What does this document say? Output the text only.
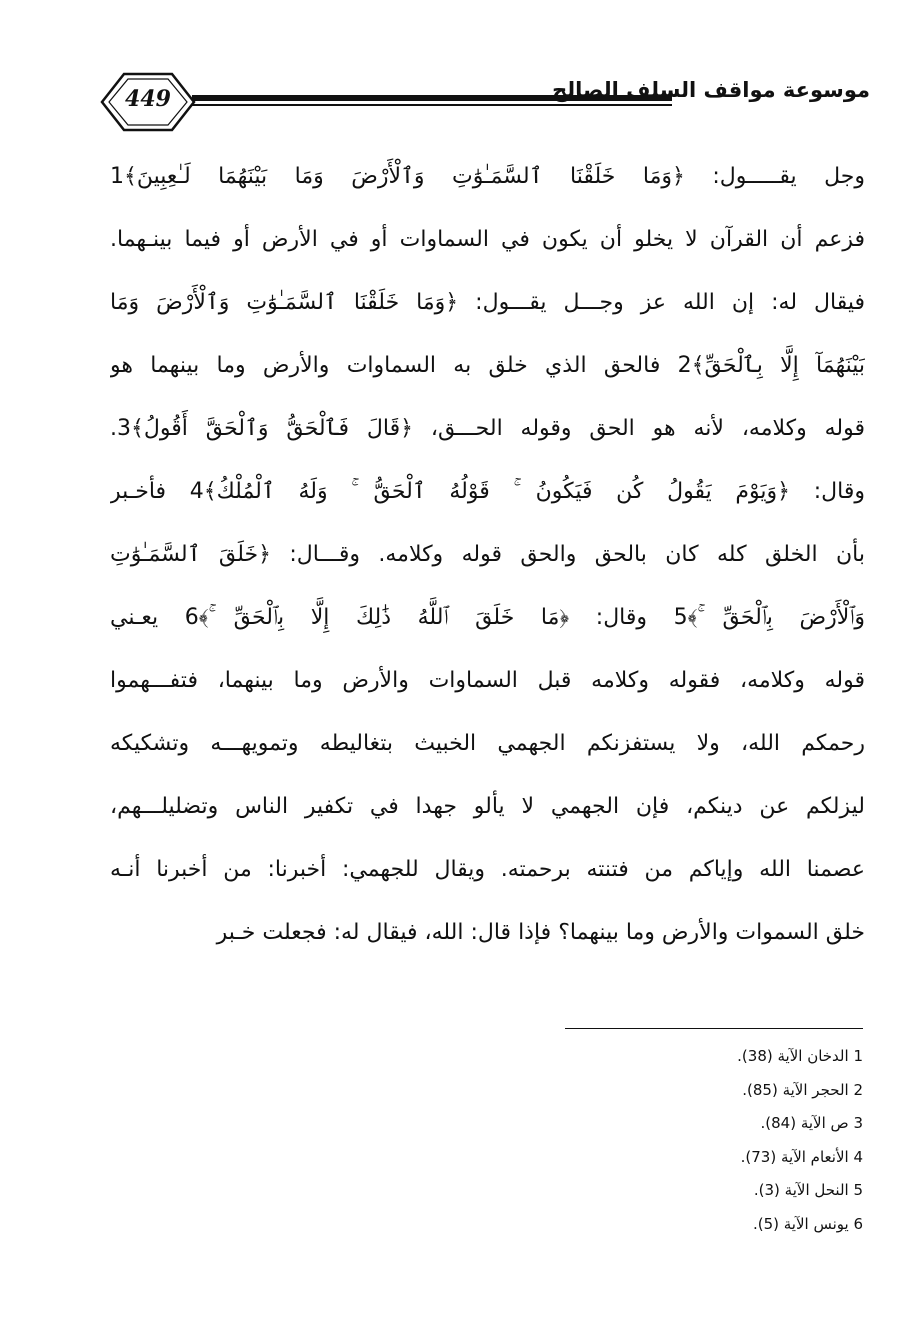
449	موسوعة مواقف السلف الصالح
وجل يقـــــول: ﴿وَمَا خَلَقْنَا ٱلسَّمَـٰوَٰتِ وَٱلْأَرْضَ وَمَا بَيْنَهُمَا لَـٰعِبِينَ﴾1
فزعم أن القرآن لا يخلو أن يكون في السماوات أو في الأرض أو فيما بينـهما.
فيقال له: إن الله عز وجـــل يقـــول: ﴿وَمَا خَلَقْنَا ٱلسَّمَـٰوَٰتِ وَٱلْأَرْضَ وَمَا
بَيْنَهُمَآ إِلَّا بِٱلْحَقِّ﴾2 فالحق الذي خلق به السماوات والأرض وما بينهما هو
قوله وكلامه، لأنه هو الحق وقوله الحـــق، ﴿قَالَ فَٱلْحَقُّ وَٱلْحَقَّ أَقُولُ﴾3.
وقال: ﴿وَيَوْمَ يَقُولُ كُن فَيَكُونُ ۚ قَوْلُهُ ٱلْحَقُّ ۚ وَلَهُ ٱلْمُلْكُ﴾4 فأخـبر
بأن الخلق كله كان بالحق والحق قوله وكلامه. وقـــال: ﴿خَلَقَ ٱلسَّمَـٰوَٰتِ
وَٱلْأَرْضَ بِٱلْحَقِّ ۚ﴾5 وقال: ﴿مَا خَلَقَ ٱللَّهُ ذَٰلِكَ إِلَّا بِٱلْحَقِّ ۚ﴾6 يعـني
قوله وكلامه، فقوله وكلامه قبل السماوات والأرض وما بينهما، فتفـــهموا
رحمكم الله، ولا يستفزنكم الجهمي الخبيث بتغاليطه وتمويهـــه وتشكيكه
ليزلكم عن دينكم، فإن الجهمي لا يألو جهدا في تكفير الناس وتضليلـــهم،
عصمنا الله وإياكم من فتنته برحمته. ويقال للجهمي: أخبرنا: من أخبرنا أنـه
خلق السموات والأرض وما بينهما؟ فإذا قال: الله، فيقال له: فجعلت خـبر
1 الدخان الآية (38).
2 الحجر الآية (85).
3 ص الآية (84).
4 الأنعام الآية (73).
5 النحل الآية (3).
6 يونس الآية (5).
